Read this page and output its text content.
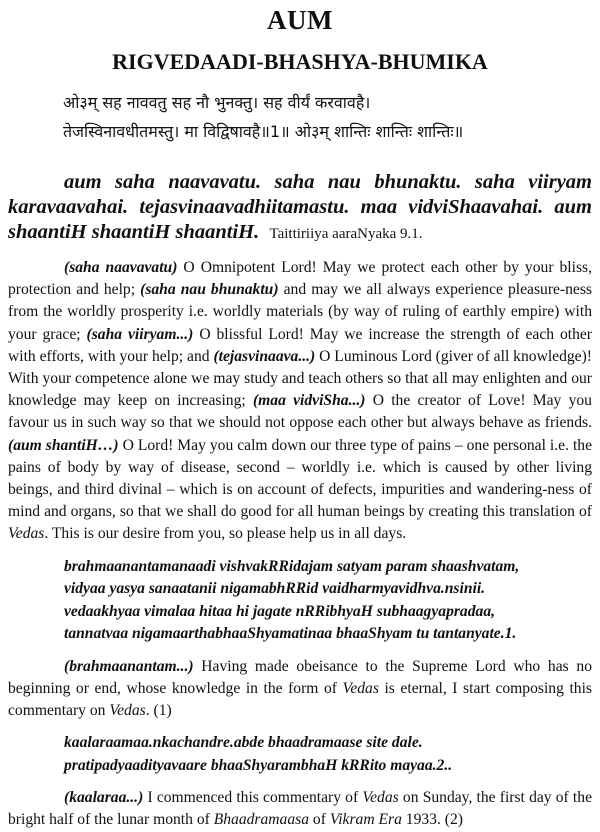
AUM
RIGVEDAADI-BHASHYA-BHUMIKA

ओ३म् सह नाववतु सह नौ भुनक्तु। सह वीर्यं करवावहै।

तेजस्विनावधीतमस्तु। मा विद्विषावहै॥1॥ ओ३म् शान्तिः शान्तिः शान्तिः॥

aum saha naavavatu. saha nau bhunaktu. saha viiryam karavaavahai. tejasvinaavadhiitamastu. maa vidviShaavahai. aum shaantiH shaantiH shaantiH. Taittiriiya aaraNyaka 9.1.

(saha naavavatu) O Omnipotent Lord! May we protect each other by your bliss, protection and help; (saha nau bhunaktu) and may we all always experience pleasure-ness from the worldly prosperity i.e. worldly materials (by way of ruling of earthly empire) with your grace; (saha viiryam...) O blissful Lord! May we increase the strength of each other with efforts, with your help; and (tejasvinaava...) O Luminous Lord (giver of all knowledge)! With your competence alone we may study and teach others so that all may enlighten and our knowledge may keep on increasing; (maa vidviSha...) O the creator of Love! May you favour us in such way so that we should not oppose each other but always behave as friends. (aum shantiH…) O Lord! May you calm down our three type of pains – one personal i.e. the pains of body by way of disease, second – worldly i.e. which is caused by other living beings, and third divinal – which is on account of defects, impurities and wandering-ness of mind and organs, so that we shall do good for all human beings by creating this translation of Vedas. This is our desire from you, so please help us in all days.

brahmaanantamanaadi vishvakRRidajam satyam param shaashvatam,
vidyaa yasya sanaatanii nigamabhRRid vaidharmyavidhva.nsinii.
vedaakhyaa vimalaa hitaa hi jagate nRRibhyaH subhaagyapradaa,
tannatvaa nigamaarthabhaaShyamatinaa bhaaShyam tu tantanyate.1.

(brahmaanantam...) Having made obeisance to the Supreme Lord who has no beginning or end, whose knowledge in the form of Vedas is eternal, I start composing this commentary on Vedas. (1)

kaalaraamaa.nkachandre.abde bhaadramaase site dale.
pratipadyaadityavaare bhaaShyarambhaH kRRito mayaa.2..

(kaalaraa...) I commenced this commentary of Vedas on Sunday, the first day of the bright half of the lunar month of Bhaadramaasa of Vikram Era 1933. (2)
